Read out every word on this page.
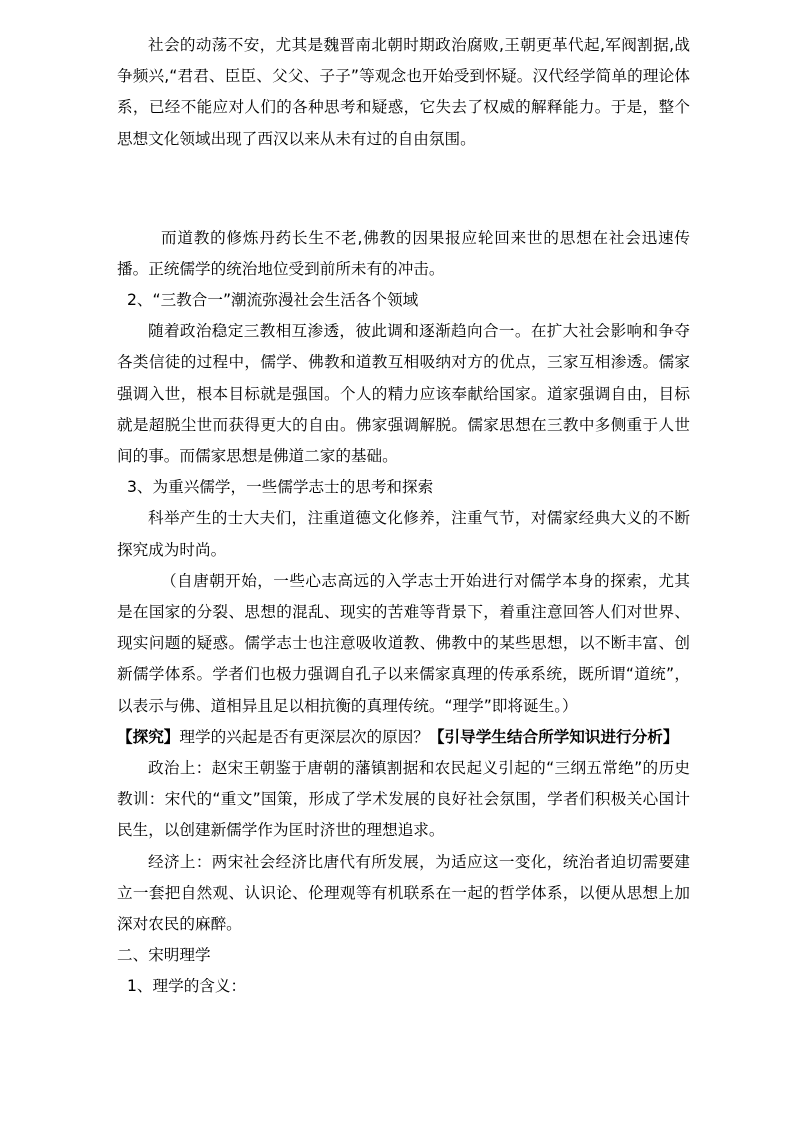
社会的动荡不安，尤其是魏晋南北朝时期政治腐败,王朝更革代起,军阀割据,战争频兴,“君君、臣臣、父父、子子”等观念也开始受到怀疑。汉代经学简单的理论体系，已经不能应对人们的各种思考和疑惑，它失去了权威的解释能力。于是，整个思想文化领域出现了西汉以来从未有过的自由氛围。

而道教的修炼丹药长生不老,佛教的因果报应轮回来世的思想在社会迅速传播。正统儒学的统治地位受到前所未有的冲击。

2、“三教合一”潮流弥漫社会生活各个领域

随着政治稳定三教相互渗透，彼此调和逐渐趋向合一。在扩大社会影响和争夺各类信徒的过程中，儒学、佛教和道教互相吸纳对方的优点，三家互相渗透。儒家强调入世，根本目标就是强国。个人的精力应该奉献给国家。道家强调自由，目标就是超脱尘世而获得更大的自由。佛家强调解脱。儒家思想在三教中多侧重于人世间的事。而儒家思想是佛道二家的基础。

3、为重兴儒学，一些儒学志士的思考和探索

科举产生的士大夫们，注重道德文化修养，注重气节，对儒家经典大义的不断探究成为时尚。

（自唐朝开始，一些心志高远的入学志士开始进行对儒学本身的探索，尤其是在国家的分裂、思想的混乱、现实的苦难等背景下，着重注意回答人们对世界、现实问题的疑惑。儒学志士也注意吸收道教、佛教中的某些思想，以不断丰富、创新儒学体系。学者们也极力强调自孔子以来儒家真理的传承系统，既所谓“道统”，以表示与佛、道相异且足以相抗衡的真理传统。“理学”即将诞生。）

【探究】理学的兴起是否有更深层次的原因？【引导学生结合所学知识进行分析】

政治上：赵宋王朝鉴于唐朝的藩镇割据和农民起义引起的“三纲五常绝”的历史教训：宋代的“重文”国策，形成了学术发展的良好社会氛围，学者们积极关心国计民生，以创建新儒学作为匡时济世的理想追求。

经济上：两宋社会经济比唐代有所发展，为适应这一变化，统治者迫切需要建立一套把自然观、认识论、伦理观等有机联系在一起的哲学体系，以便从思想上加深对农民的麻醉。

二、宋明理学

1、理学的含义：
